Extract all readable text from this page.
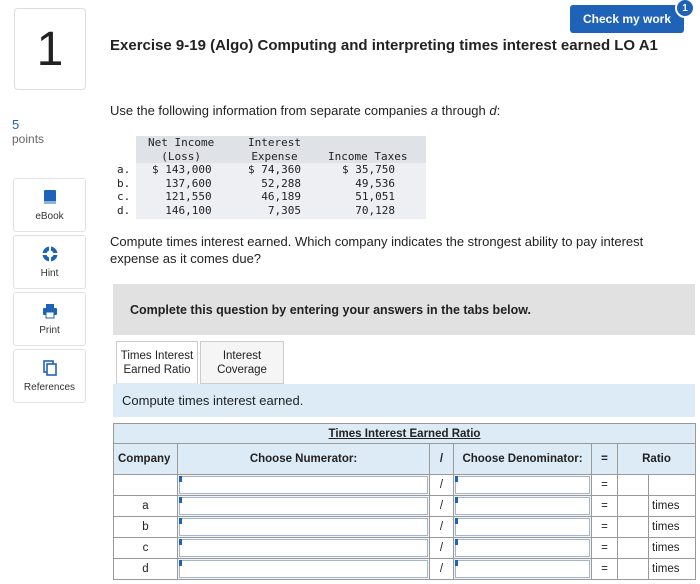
1
5
points
eBook
Hint
Print
References
Check my work
1
Exercise 9-19 (Algo) Computing and interpreting times interest earned LO A1
Use the following information from separate companies a through d:
Net Income
(Loss)
Interest
Expense	Income Taxes
a. $ 143,000	$ 74,360	$ 35,750
b. 137,600	52,288	49,536
c. 121,550	46,189	51,051
d. 146,100	7,305	70,128
Compute times interest earned. Which company indicates the strongest ability to pay interest expense as it comes due?
Complete this question by entering your answers in the tabs below.
Times Interest Earned Ratio
Interest Coverage
Compute times interest earned.
Times Interest Earned Ratio						
Company	Choose Numerator:	/	Choose Denominator:	=	Ratio	

	/		=		
a		/		=		times
b		/		=		times
c		/		=		times
d		/		=		times
